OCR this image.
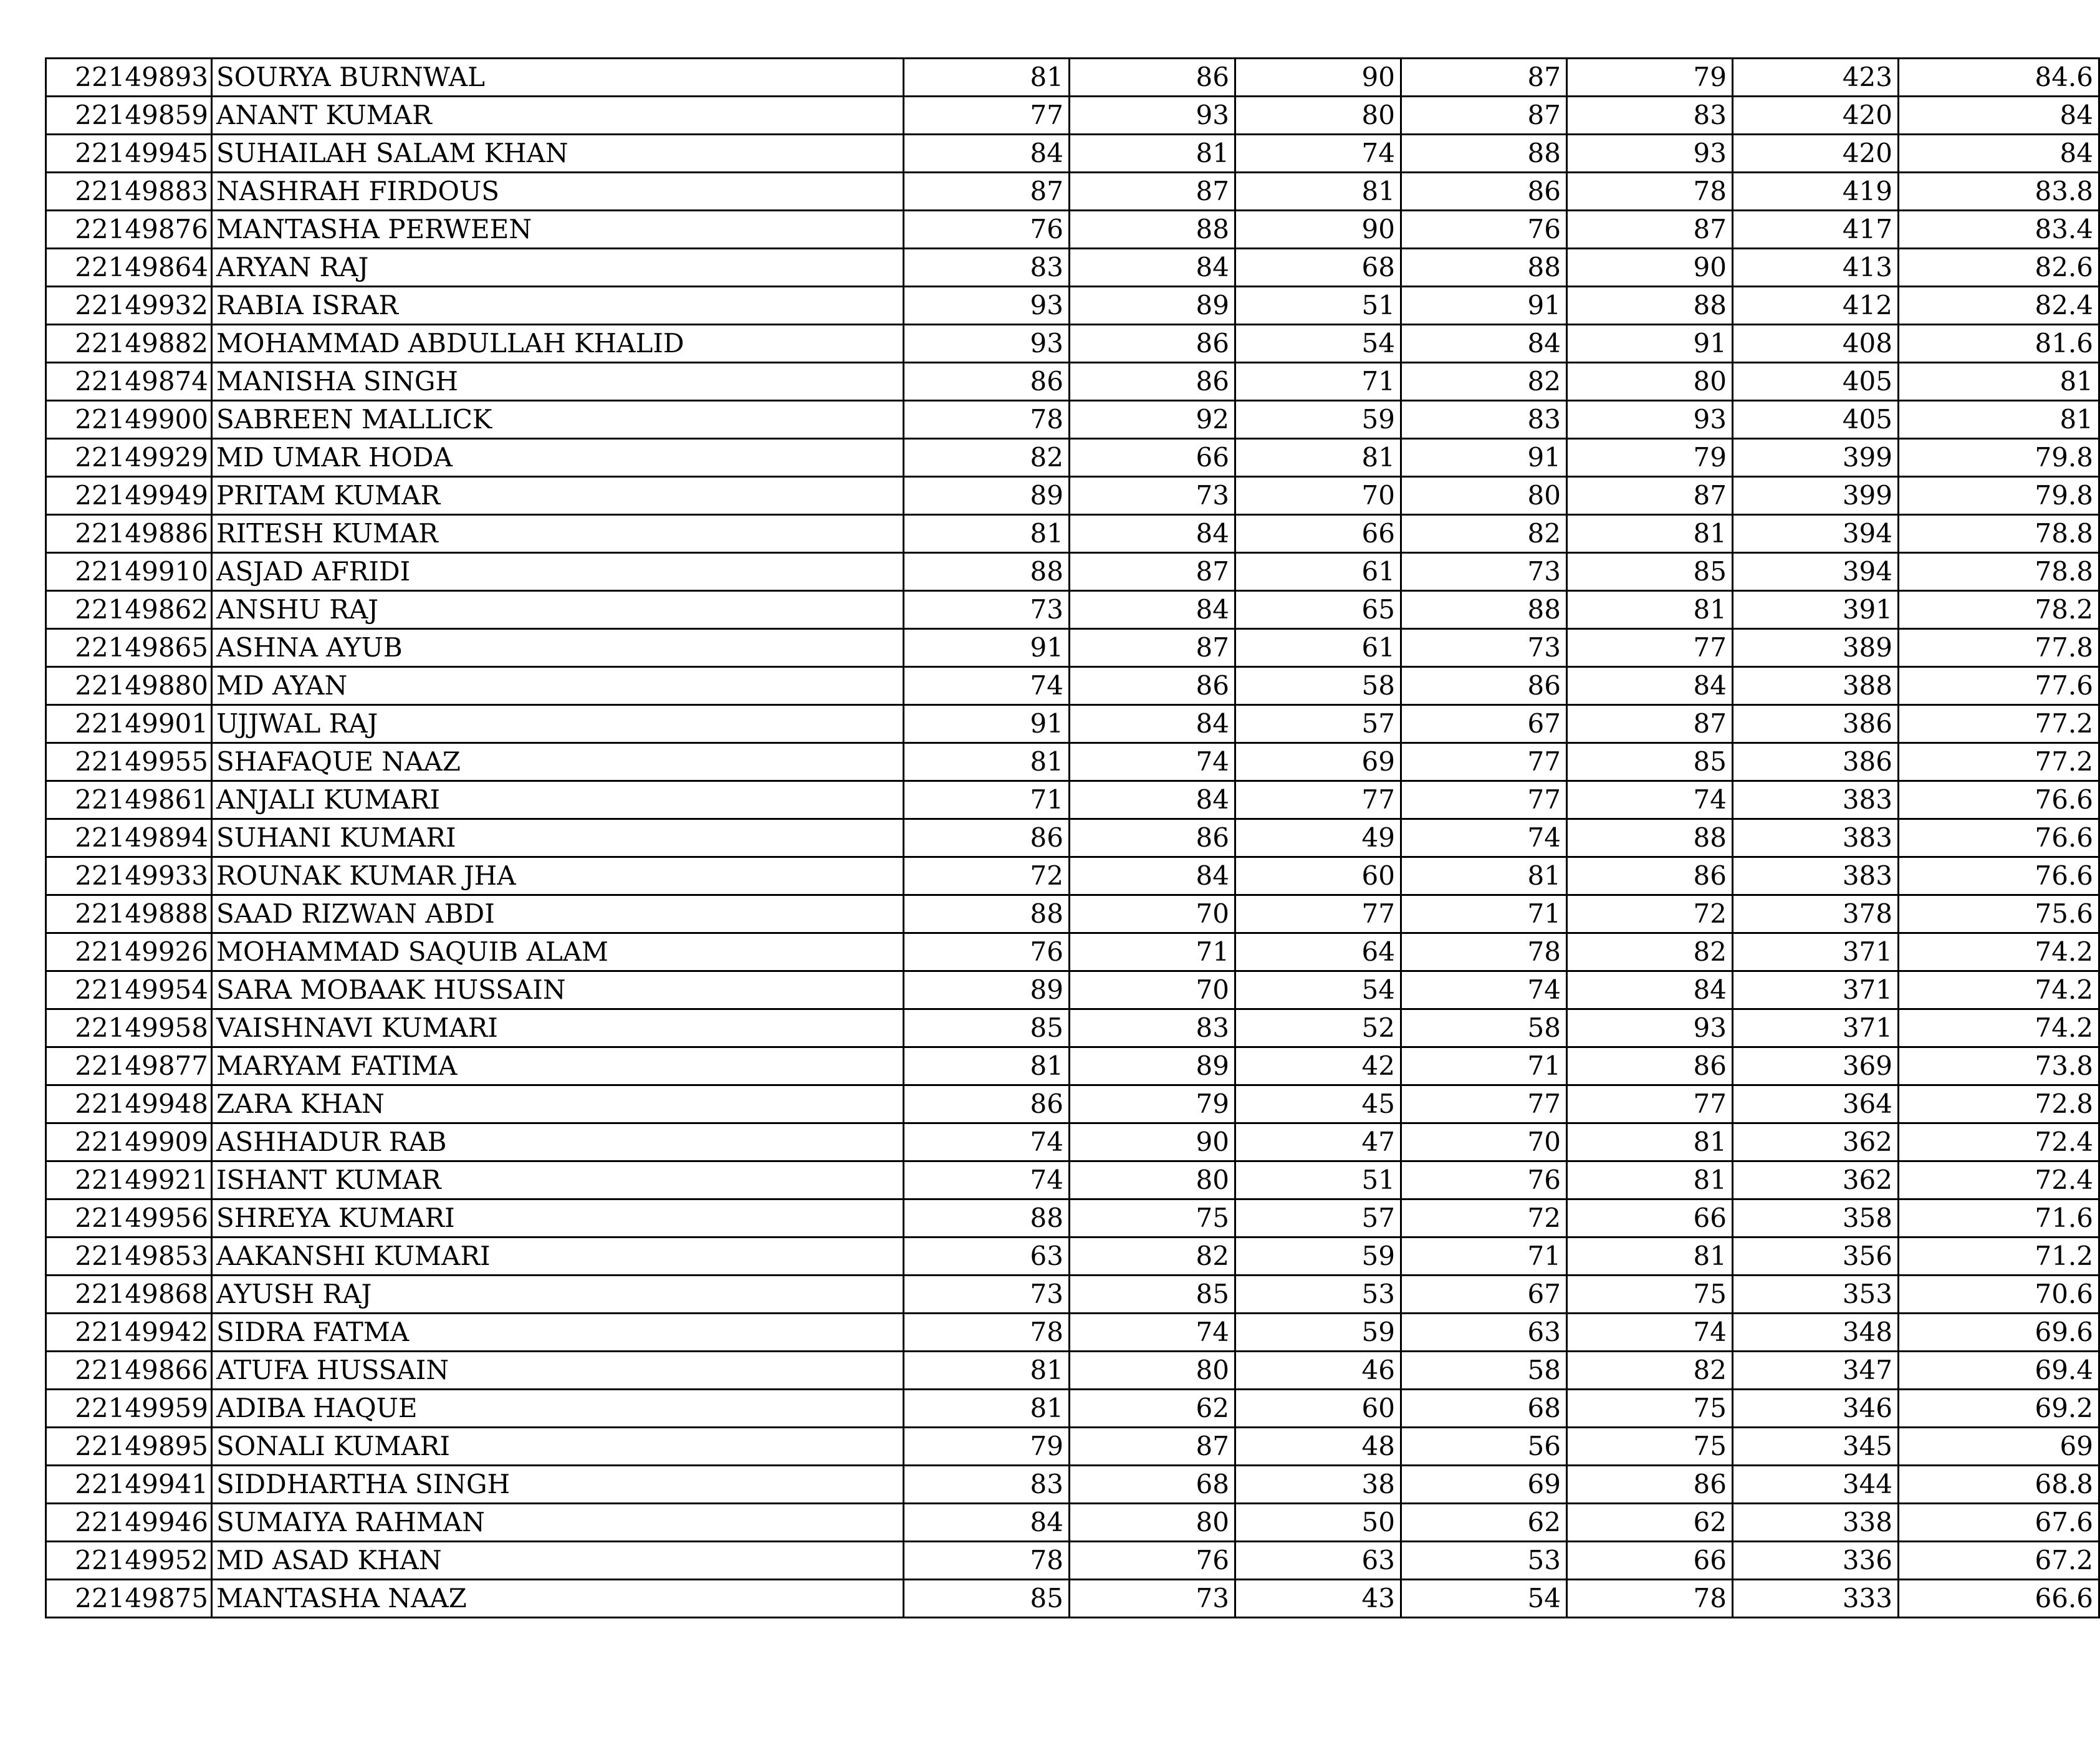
22149893	SOURYA BURNWAL	81	86	90	87	79	423	84.6
22149859	ANANT KUMAR	77	93	80	87	83	420	84
22149945	SUHAILAH SALAM KHAN	84	81	74	88	93	420	84
22149883	NASHRAH FIRDOUS	87	87	81	86	78	419	83.8
22149876	MANTASHA PERWEEN	76	88	90	76	87	417	83.4
22149864	ARYAN RAJ	83	84	68	88	90	413	82.6
22149932	RABIA ISRAR	93	89	51	91	88	412	82.4
22149882	MOHAMMAD ABDULLAH KHALID	93	86	54	84	91	408	81.6
22149874	MANISHA SINGH	86	86	71	82	80	405	81
22149900	SABREEN MALLICK	78	92	59	83	93	405	81
22149929	MD UMAR HODA	82	66	81	91	79	399	79.8
22149949	PRITAM KUMAR	89	73	70	80	87	399	79.8
22149886	RITESH KUMAR	81	84	66	82	81	394	78.8
22149910	ASJAD AFRIDI	88	87	61	73	85	394	78.8
22149862	ANSHU RAJ	73	84	65	88	81	391	78.2
22149865	ASHNA AYUB	91	87	61	73	77	389	77.8
22149880	MD AYAN	74	86	58	86	84	388	77.6
22149901	UJJWAL RAJ	91	84	57	67	87	386	77.2
22149955	SHAFAQUE NAAZ	81	74	69	77	85	386	77.2
22149861	ANJALI KUMARI	71	84	77	77	74	383	76.6
22149894	SUHANI KUMARI	86	86	49	74	88	383	76.6
22149933	ROUNAK KUMAR JHA	72	84	60	81	86	383	76.6
22149888	SAAD RIZWAN ABDI	88	70	77	71	72	378	75.6
22149926	MOHAMMAD SAQUIB ALAM	76	71	64	78	82	371	74.2
22149954	SARA MOBAAK HUSSAIN	89	70	54	74	84	371	74.2
22149958	VAISHNAVI KUMARI	85	83	52	58	93	371	74.2
22149877	MARYAM FATIMA	81	89	42	71	86	369	73.8
22149948	ZARA KHAN	86	79	45	77	77	364	72.8
22149909	ASHHADUR RAB	74	90	47	70	81	362	72.4
22149921	ISHANT KUMAR	74	80	51	76	81	362	72.4
22149956	SHREYA KUMARI	88	75	57	72	66	358	71.6
22149853	AAKANSHI KUMARI	63	82	59	71	81	356	71.2
22149868	AYUSH RAJ	73	85	53	67	75	353	70.6
22149942	SIDRA FATMA	78	74	59	63	74	348	69.6
22149866	ATUFA HUSSAIN	81	80	46	58	82	347	69.4
22149959	ADIBA HAQUE	81	62	60	68	75	346	69.2
22149895	SONALI KUMARI	79	87	48	56	75	345	69
22149941	SIDDHARTHA SINGH	83	68	38	69	86	344	68.8
22149946	SUMAIYA RAHMAN	84	80	50	62	62	338	67.6
22149952	MD ASAD KHAN	78	76	63	53	66	336	67.2
22149875	MANTASHA NAAZ	85	73	43	54	78	333	66.6
